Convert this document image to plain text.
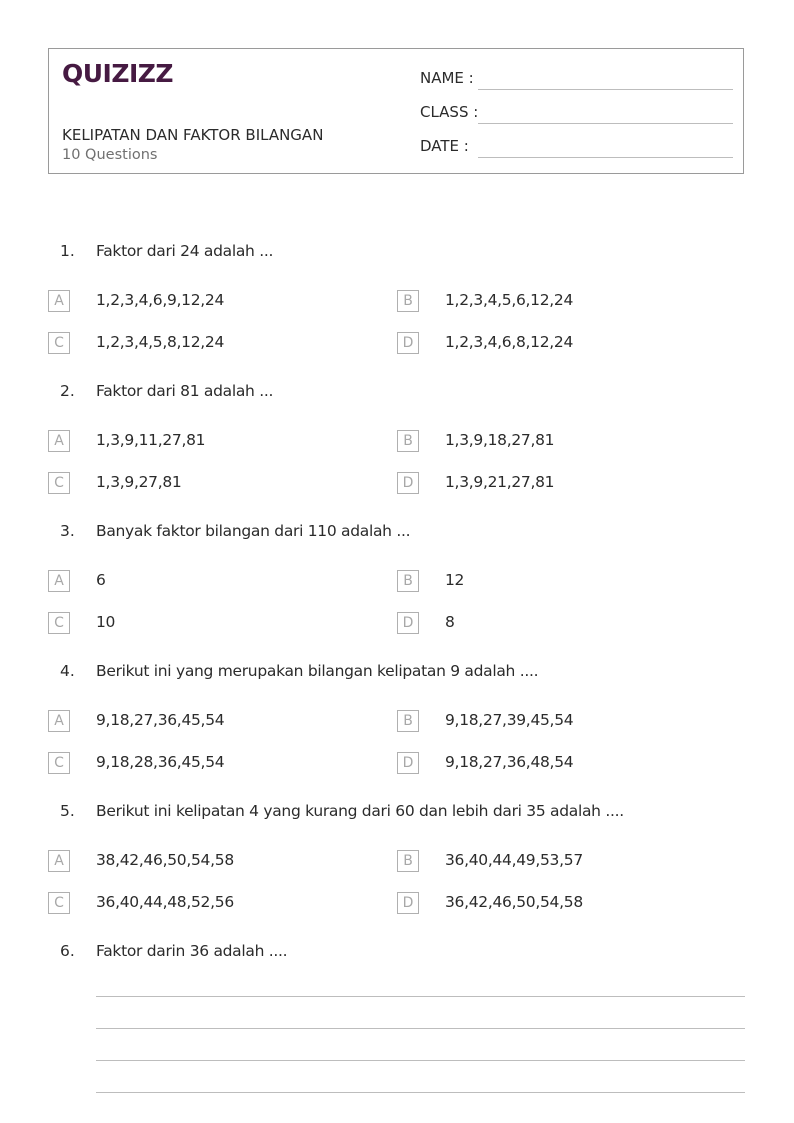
QUIZIZZ
KELIPATAN DAN FAKTOR BILANGAN
10 Questions
NAME :
CLASS :
DATE :
1. Faktor dari 24 adalah ...
A	1,2,3,4,6,9,12,24	B	1,2,3,4,5,6,12,24
C	1,2,3,4,5,8,12,24	D	1,2,3,4,6,8,12,24
2. Faktor dari 81 adalah ...
A	1,3,9,11,27,81	B	1,3,9,18,27,81
C	1,3,9,27,81	D	1,3,9,21,27,81
3. Banyak faktor bilangan dari 110 adalah ...
A	6	B	12
C	10	D	8
4. Berikut ini yang merupakan bilangan kelipatan 9 adalah ....
A	9,18,27,36,45,54	B	9,18,27,39,45,54
C	9,18,28,36,45,54	D	9,18,27,36,48,54
5. Berikut ini kelipatan 4 yang kurang dari 60 dan lebih dari 35 adalah ....
A	38,42,46,50,54,58	B	36,40,44,49,53,57
C	36,40,44,48,52,56	D	36,42,46,50,54,58
6. Faktor darin 36 adalah ....
